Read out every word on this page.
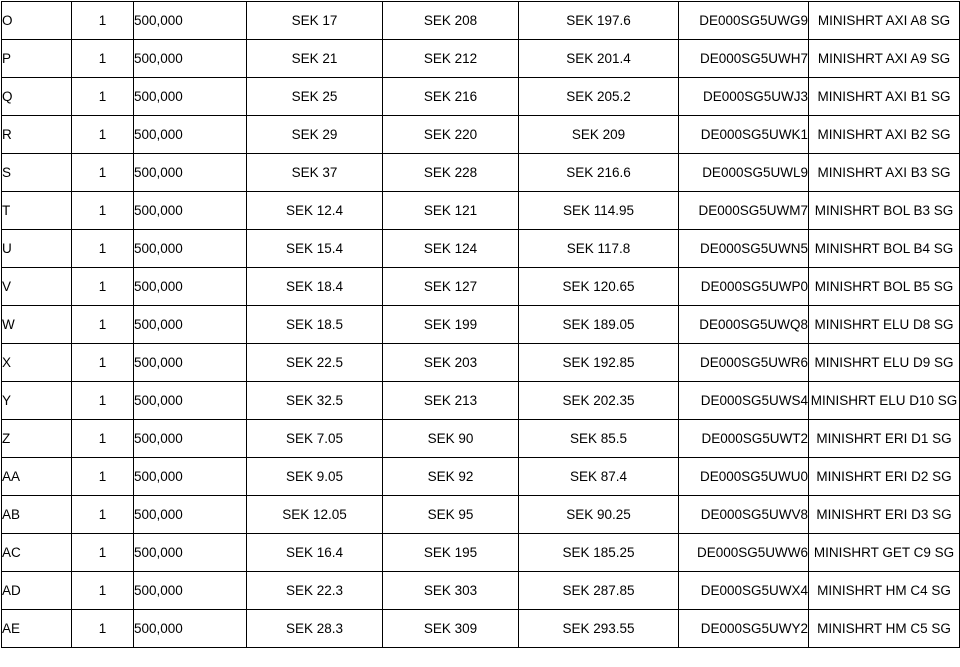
O	1	500,000	SEK 17	SEK 208	SEK 197.6	DE000SG5UWG9	MINISHRT AXI A8 SG
P	1	500,000	SEK 21	SEK 212	SEK 201.4	DE000SG5UWH7	MINISHRT AXI A9 SG
Q	1	500,000	SEK 25	SEK 216	SEK 205.2	DE000SG5UWJ3	MINISHRT AXI B1 SG
R	1	500,000	SEK 29	SEK 220	SEK 209	DE000SG5UWK1	MINISHRT AXI B2 SG
S	1	500,000	SEK 37	SEK 228	SEK 216.6	DE000SG5UWL9	MINISHRT AXI B3 SG
T	1	500,000	SEK 12.4	SEK 121	SEK 114.95	DE000SG5UWM7	MINISHRT BOL B3 SG
U	1	500,000	SEK 15.4	SEK 124	SEK 117.8	DE000SG5UWN5	MINISHRT BOL B4 SG
V	1	500,000	SEK 18.4	SEK 127	SEK 120.65	DE000SG5UWP0	MINISHRT BOL B5 SG
W	1	500,000	SEK 18.5	SEK 199	SEK 189.05	DE000SG5UWQ8	MINISHRT ELU D8 SG
X	1	500,000	SEK 22.5	SEK 203	SEK 192.85	DE000SG5UWR6	MINISHRT ELU D9 SG
Y	1	500,000	SEK 32.5	SEK 213	SEK 202.35	DE000SG5UWS4	MINISHRT ELU D10 SG
Z	1	500,000	SEK 7.05	SEK 90	SEK 85.5	DE000SG5UWT2	MINISHRT ERI D1 SG
AA	1	500,000	SEK 9.05	SEK 92	SEK 87.4	DE000SG5UWU0	MINISHRT ERI D2 SG
AB	1	500,000	SEK 12.05	SEK 95	SEK 90.25	DE000SG5UWV8	MINISHRT ERI D3 SG
AC	1	500,000	SEK 16.4	SEK 195	SEK 185.25	DE000SG5UWW6	MINISHRT GET C9 SG
AD	1	500,000	SEK 22.3	SEK 303	SEK 287.85	DE000SG5UWX4	MINISHRT HM C4 SG
AE	1	500,000	SEK 28.3	SEK 309	SEK 293.55	DE000SG5UWY2	MINISHRT HM C5 SG
